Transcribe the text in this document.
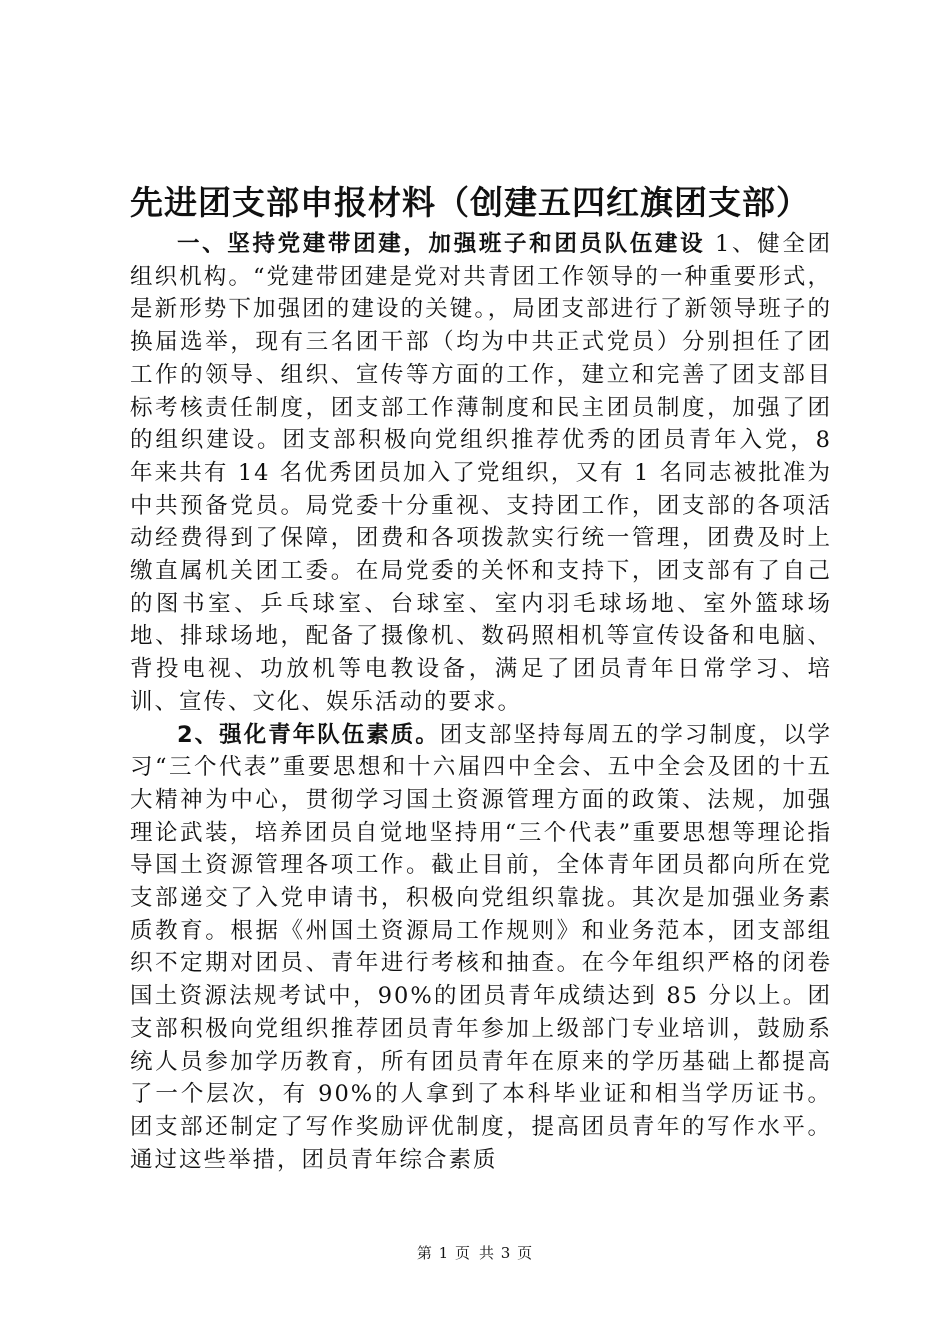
先进团支部申报材料（创建五四红旗团支部）

一、坚持党建带团建，加强班子和团员队伍建设 1、健全团组织机构。“党建带团建是党对共青团工作领导的一种重要形式，是新形势下加强团的建设的关键。，局团支部进行了新领导班子的换届选举，现有三名团干部（均为中共正式党员）分别担任了团工作的领导、组织、宣传等方面的工作，建立和完善了团支部目标考核责任制度，团支部工作薄制度和民主团员制度，加强了团的组织建设。团支部积极向党组织推荐优秀的团员青年入党，8 年来共有 14 名优秀团员加入了党组织，又有 1 名同志被批准为中共预备党员。局党委十分重视、支持团工作，团支部的各项活动经费得到了保障，团费和各项拨款实行统一管理，团费及时上缴直属机关团工委。在局党委的关怀和支持下，团支部有了自己的图书室、乒乓球室、台球室、室内羽毛球场地、室外篮球场地、排球场地，配备了摄像机、数码照相机等宣传设备和电脑、背投电视、功放机等电教设备，满足了团员青年日常学习、培训、宣传、文化、娱乐活动的要求。

2、强化青年队伍素质。团支部坚持每周五的学习制度，以学习“三个代表”重要思想和十六届四中全会、五中全会及团的十五大精神为中心，贯彻学习国土资源管理方面的政策、法规，加强理论武装，培养团员自觉地坚持用“三个代表”重要思想等理论指导国土资源管理各项工作。截止目前，全体青年团员都向所在党支部递交了入党申请书，积极向党组织靠拢。其次是加强业务素质教育。根据《州国土资源局工作规则》和业务范本，团支部组织不定期对团员、青年进行考核和抽查。在今年组织严格的闭卷国土资源法规考试中，90%的团员青年成绩达到 85 分以上。团支部积极向党组织推荐团员青年参加上级部门专业培训，鼓励系统人员参加学历教育，所有团员青年在原来的学历基础上都提高了一个层次，有 90%的人拿到了本科毕业证和相当学历证书。团支部还制定了写作奖励评优制度，提高团员青年的写作水平。通过这些举措，团员青年综合素质

第 1 页 共 3 页
